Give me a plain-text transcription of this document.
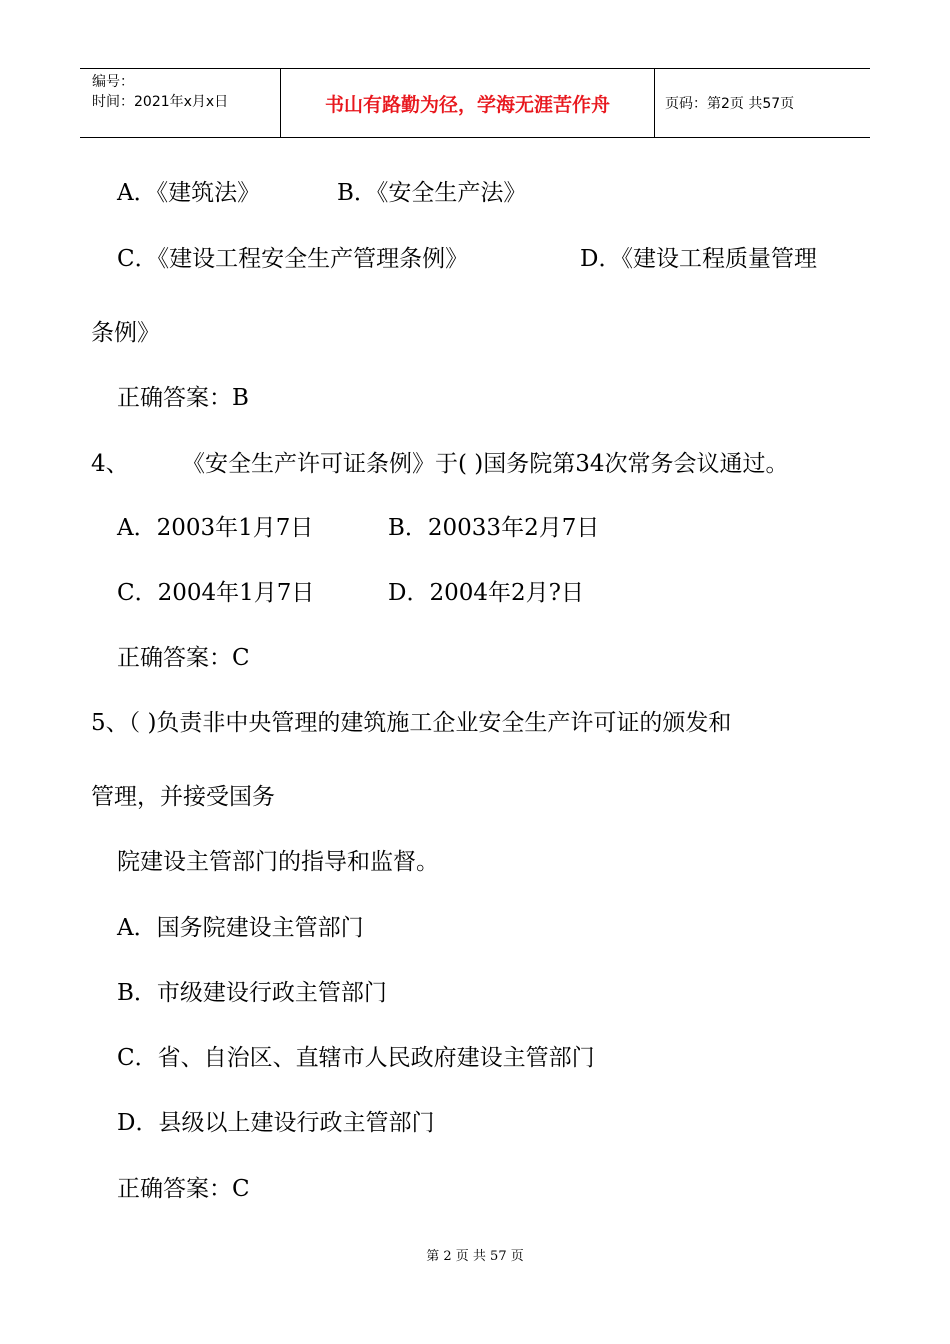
编号：
时间：2021年x月x日	书山有路勤为径，学海无涯苦作舟	页码：第2页 共57页
A．《建筑法》	B．《安全生产法》
C．《建设工程安全生产管理条例》	D．《建设工程质量管理
条例》
正确答案：B
4、 《安全生产许可证条例》于( )国务院第34次常务会议通过。
A．2003年1月7日	B．20033年2月7日
C．2004年1月7日	D．2004年2月?日
正确答案：C
5、（ )负责非中央管理的建筑施工企业安全生产许可证的颁发和
管理，并接受国务
院建设主管部门的指导和监督。
A．国务院建设主管部门
B．市级建设行政主管部门
C．省、自治区、直辖市人民政府建设主管部门
D．县级以上建设行政主管部门
正确答案：C
第 2 页 共 57 页
